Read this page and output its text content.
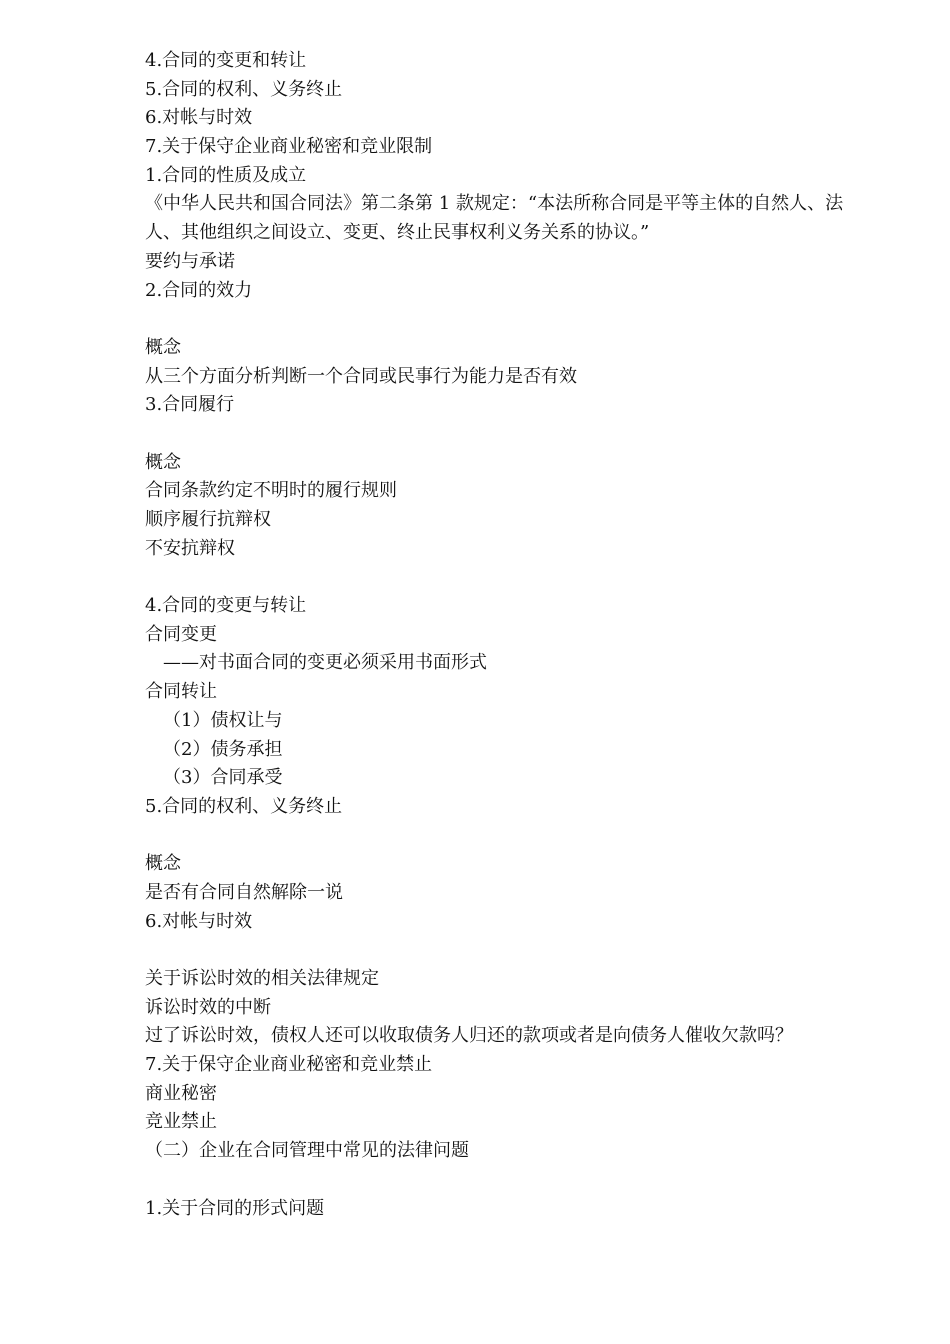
4.合同的变更和转让
5.合同的权利、义务终止
6.对帐与时效
7.关于保守企业商业秘密和竞业限制
1.合同的性质及成立
《中华人民共和国合同法》第二条第 1 款规定：“本法所称合同是平等主体的自然人、法人、其他组织之间设立、变更、终止民事权利义务关系的协议。”
要约与承诺
2.合同的效力
概念
从三个方面分析判断一个合同或民事行为能力是否有效
3.合同履行
概念
合同条款约定不明时的履行规则
顺序履行抗辩权
不安抗辩权
4.合同的变更与转让
合同变更
——对书面合同的变更必须采用书面形式
合同转让
（1）债权让与
（2）债务承担
（3）合同承受
5.合同的权利、义务终止
概念
是否有合同自然解除一说
6.对帐与时效
关于诉讼时效的相关法律规定
诉讼时效的中断
过了诉讼时效，债权人还可以收取债务人归还的款项或者是向债务人催收欠款吗？
7.关于保守企业商业秘密和竞业禁止
商业秘密
竞业禁止
（二）企业在合同管理中常见的法律问题
1.关于合同的形式问题
